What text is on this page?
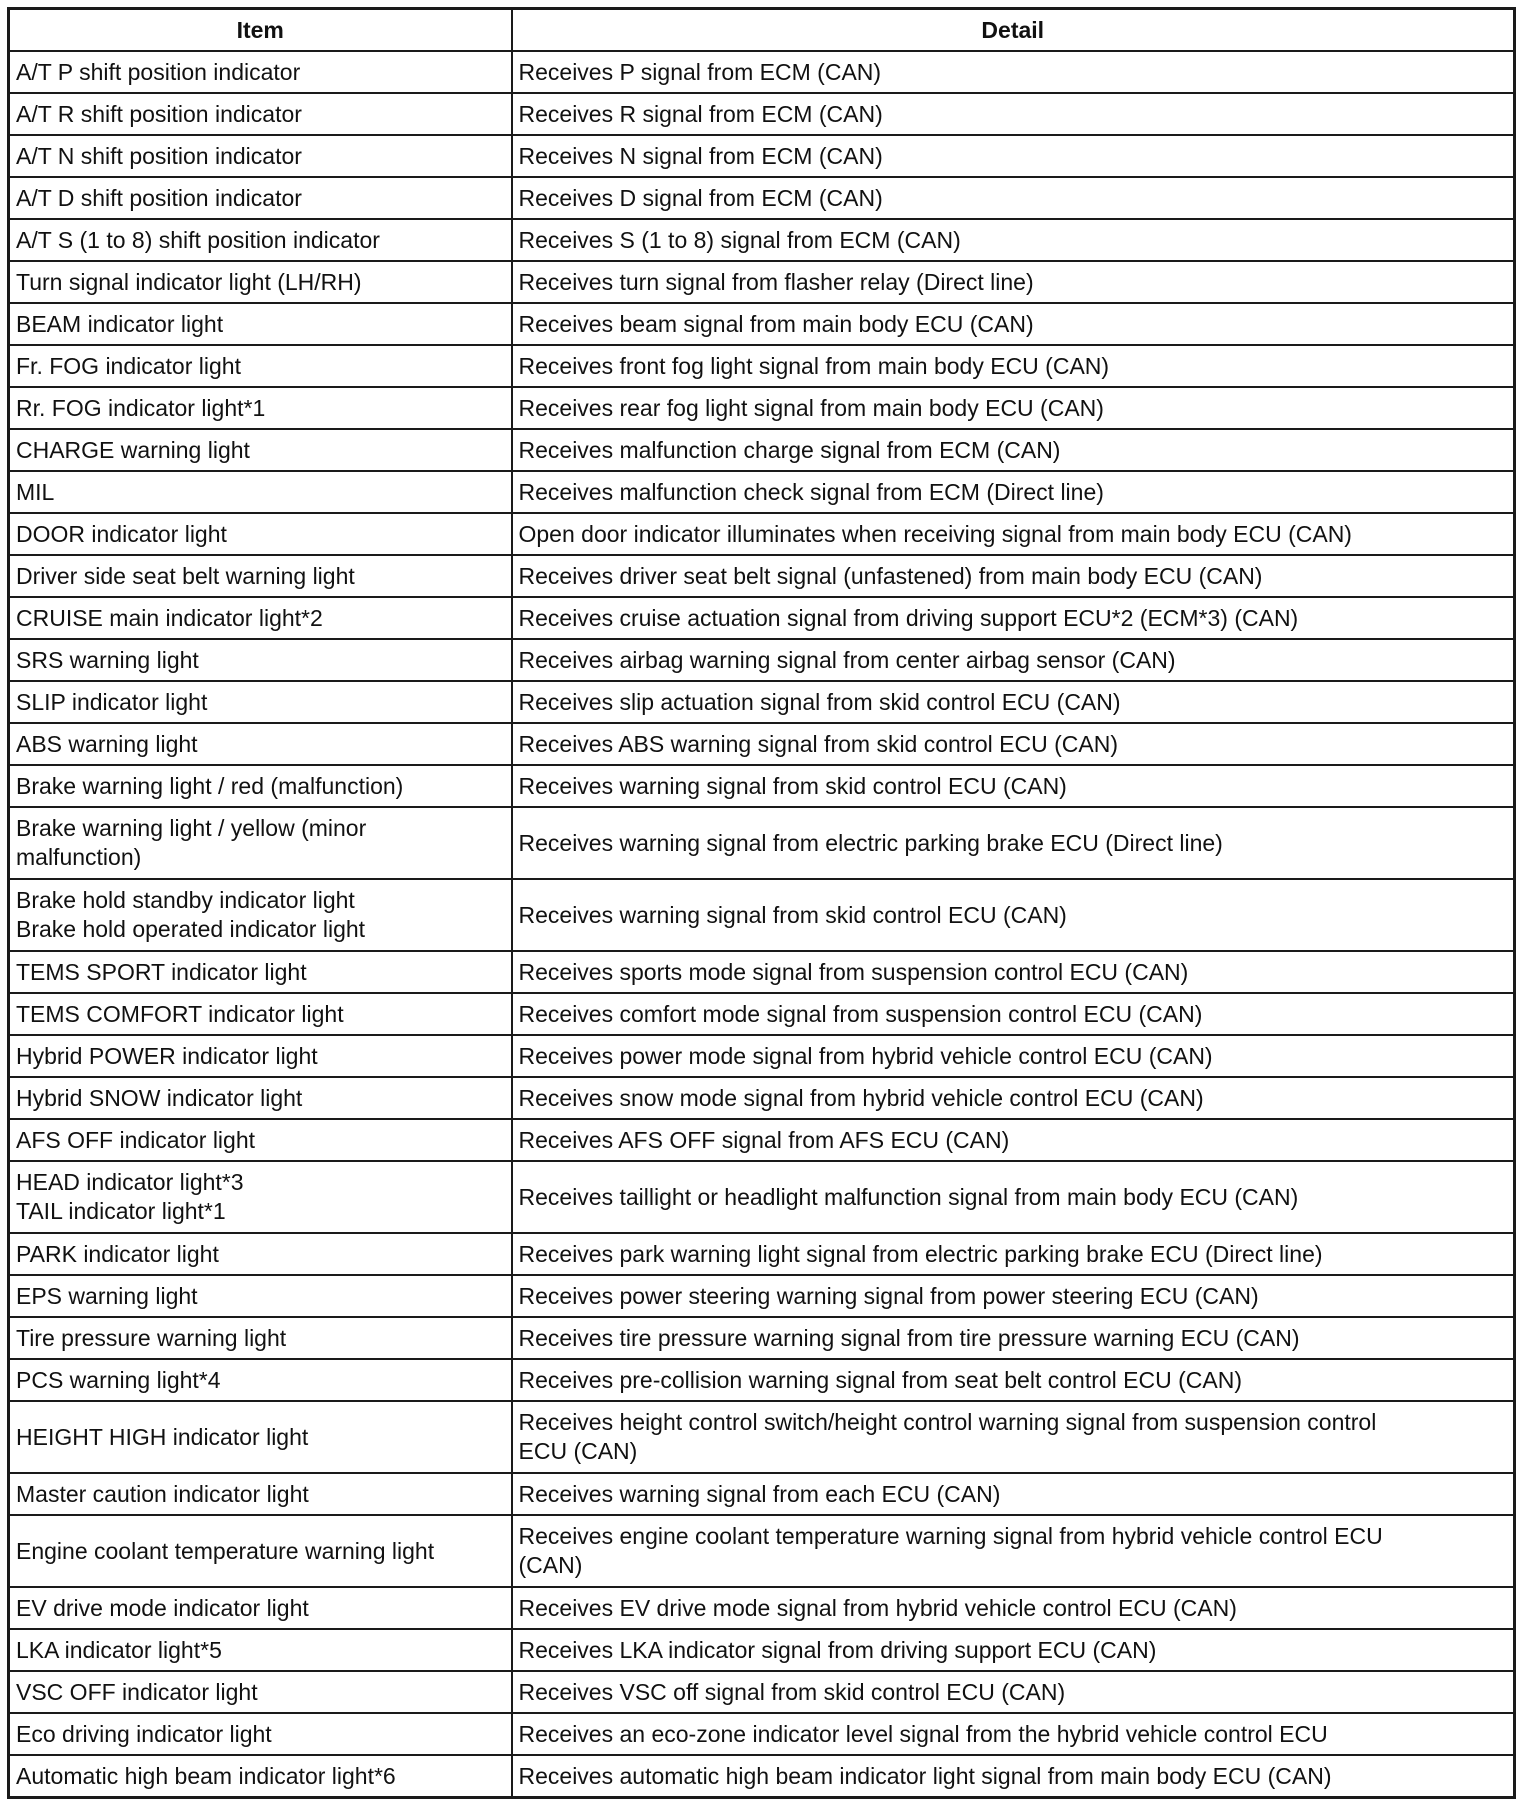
Item	Detail

A/T P shift position indicator	Receives P signal from ECM (CAN)

A/T R shift position indicator	Receives R signal from ECM (CAN)

A/T N shift position indicator	Receives N signal from ECM (CAN)

A/T D shift position indicator	Receives D signal from ECM (CAN)

A/T S (1 to 8) shift position indicator	Receives S (1 to 8) signal from ECM (CAN)

Turn signal indicator light (LH/RH)	Receives turn signal from flasher relay (Direct line)

BEAM indicator light	Receives beam signal from main body ECU (CAN)

Fr. FOG indicator light	Receives front fog light signal from main body ECU (CAN)

Rr. FOG indicator light*1	Receives rear fog light signal from main body ECU (CAN)

CHARGE warning light	Receives malfunction charge signal from ECM (CAN)

MIL	Receives malfunction check signal from ECM (Direct line)

DOOR indicator light	Open door indicator illuminates when receiving signal from main body ECU (CAN)

Driver side seat belt warning light	Receives driver seat belt signal (unfastened) from main body ECU (CAN)

CRUISE main indicator light*2	Receives cruise actuation signal from driving support ECU*2 (ECM*3) (CAN)

SRS warning light	Receives airbag warning signal from center airbag sensor (CAN)

SLIP indicator light	Receives slip actuation signal from skid control ECU (CAN)

ABS warning light	Receives ABS warning signal from skid control ECU (CAN)

Brake warning light / red (malfunction)	Receives warning signal from skid control ECU (CAN)

Brake warning light / yellow (minor
malfunction)	Receives warning signal from electric parking brake ECU (Direct line)

Brake hold standby indicator light
Brake hold operated indicator light	Receives warning signal from skid control ECU (CAN)

TEMS SPORT indicator light	Receives sports mode signal from suspension control ECU (CAN)

TEMS COMFORT indicator light	Receives comfort mode signal from suspension control ECU (CAN)

Hybrid POWER indicator light	Receives power mode signal from hybrid vehicle control ECU (CAN)

Hybrid SNOW indicator light	Receives snow mode signal from hybrid vehicle control ECU (CAN)

AFS OFF indicator light	Receives AFS OFF signal from AFS ECU (CAN)

HEAD indicator light*3
TAIL indicator light*1	Receives taillight or headlight malfunction signal from main body ECU (CAN)

PARK indicator light	Receives park warning light signal from electric parking brake ECU (Direct line)

EPS warning light	Receives power steering warning signal from power steering ECU (CAN)

Tire pressure warning light	Receives tire pressure warning signal from tire pressure warning ECU (CAN)

PCS warning light*4	Receives pre-collision warning signal from seat belt control ECU (CAN)

HEIGHT HIGH indicator light	Receives height control switch/height control warning signal from suspension control
ECU (CAN)

Master caution indicator light	Receives warning signal from each ECU (CAN)

Engine coolant temperature warning light	Receives engine coolant temperature warning signal from hybrid vehicle control ECU
(CAN)

EV drive mode indicator light	Receives EV drive mode signal from hybrid vehicle control ECU (CAN)

LKA indicator light*5	Receives LKA indicator signal from driving support ECU (CAN)

VSC OFF indicator light	Receives VSC off signal from skid control ECU (CAN)

Eco driving indicator light	Receives an eco-zone indicator level signal from the hybrid vehicle control ECU

Automatic high beam indicator light*6	Receives automatic high beam indicator light signal from main body ECU (CAN)
